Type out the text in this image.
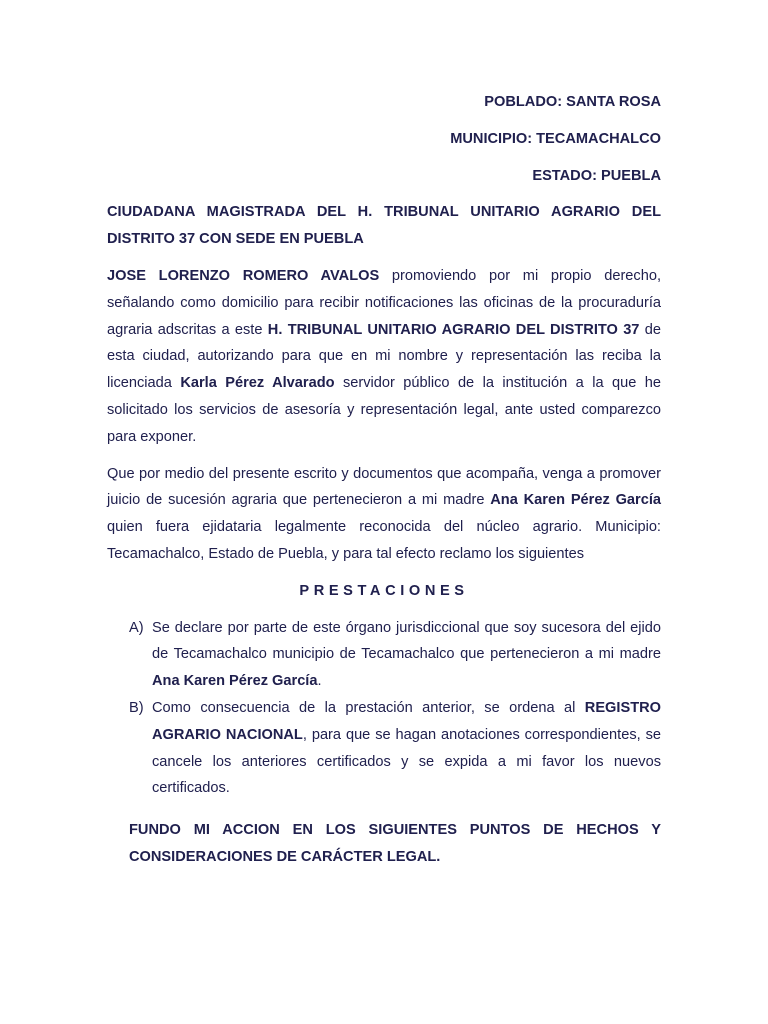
POBLADO: SANTA ROSA

MUNICIPIO: TECAMACHALCO

ESTADO: PUEBLA

CIUDADANA MAGISTRADA DEL H. TRIBUNAL UNITARIO AGRARIO DEL DISTRITO 37 CON SEDE EN PUEBLA

JOSE LORENZO ROMERO AVALOS promoviendo por mi propio derecho, señalando como domicilio para recibir notificaciones las oficinas de la procuraduría agraria adscritas a este H. TRIBUNAL UNITARIO AGRARIO DEL DISTRITO 37 de esta ciudad, autorizando para que en mi nombre y representación las reciba la licenciada Karla Pérez Alvarado servidor público de la institución a la que he solicitado los servicios de asesoría y representación legal, ante usted comparezco para exponer.

Que por medio del presente escrito y documentos que acompaña, venga a promover juicio de sucesión agraria que pertenecieron a mi madre Ana Karen Pérez García quien fuera ejidataria legalmente reconocida del núcleo agrario. Municipio: Tecamachalco, Estado de Puebla, y para tal efecto reclamo los siguientes

PRESTACIONES

A) Se declare por parte de este órgano jurisdiccional que soy sucesora del ejido de Tecamachalco municipio de Tecamachalco que pertenecieron a mi madre Ana Karen Pérez García.
B) Como consecuencia de la prestación anterior, se ordena al REGISTRO AGRARIO NACIONAL, para que se hagan anotaciones correspondientes, se cancele los anteriores certificados y se expida a mi favor los nuevos certificados.

FUNDO MI ACCION EN LOS SIGUIENTES PUNTOS DE HECHOS Y CONSIDERACIONES DE CARÁCTER LEGAL.
